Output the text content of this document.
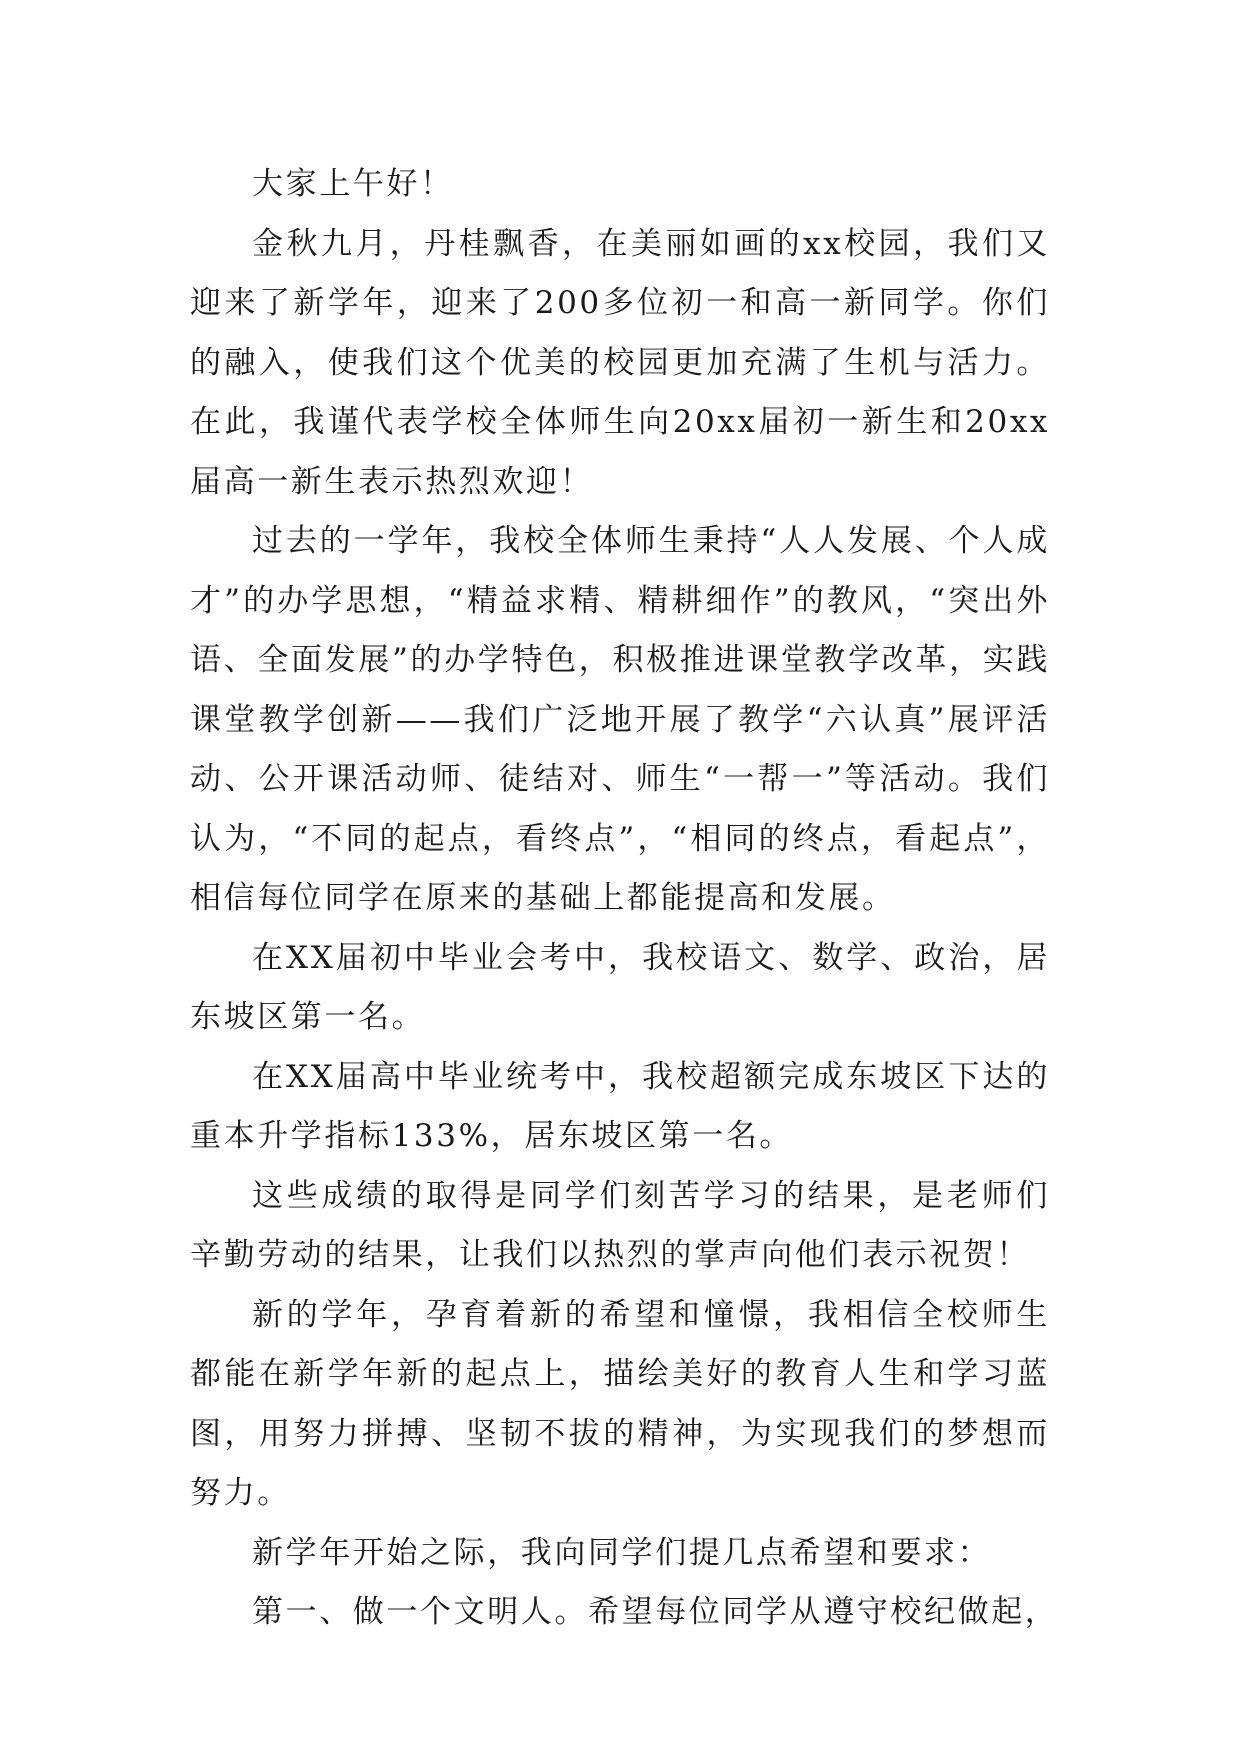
大家上午好！

金秋九月，丹桂飘香，在美丽如画的xx校园，我们又迎来了新学年，迎来了200多位初一和高一新同学。你们的融入，使我们这个优美的校园更加充满了生机与活力。在此，我谨代表学校全体师生向20xx届初一新生和20xx届高一新生表示热烈欢迎！

过去的一学年，我校全体师生秉持“人人发展、个人成才”的办学思想，“精益求精、精耕细作”的教风，“突出外语、全面发展”的办学特色，积极推进课堂教学改革，实践课堂教学创新——我们广泛地开展了教学“六认真”展评活动、公开课活动师、徒结对、师生“一帮一”等活动。我们认为，“不同的起点，看终点”，“相同的终点，看起点”，相信每位同学在原来的基础上都能提高和发展。

在XX届初中毕业会考中，我校语文、数学、政治，居东坡区第一名。

在XX届高中毕业统考中，我校超额完成东坡区下达的重本升学指标133%，居东坡区第一名。

这些成绩的取得是同学们刻苦学习的结果，是老师们辛勤劳动的结果，让我们以热烈的掌声向他们表示祝贺！

新的学年，孕育着新的希望和憧憬，我相信全校师生都能在新学年新的起点上，描绘美好的教育人生和学习蓝图，用努力拼搏、坚韧不拔的精神，为实现我们的梦想而努力。

新学年开始之际，我向同学们提几点希望和要求：

第一、做一个文明人。希望每位同学从遵守校纪做起，
